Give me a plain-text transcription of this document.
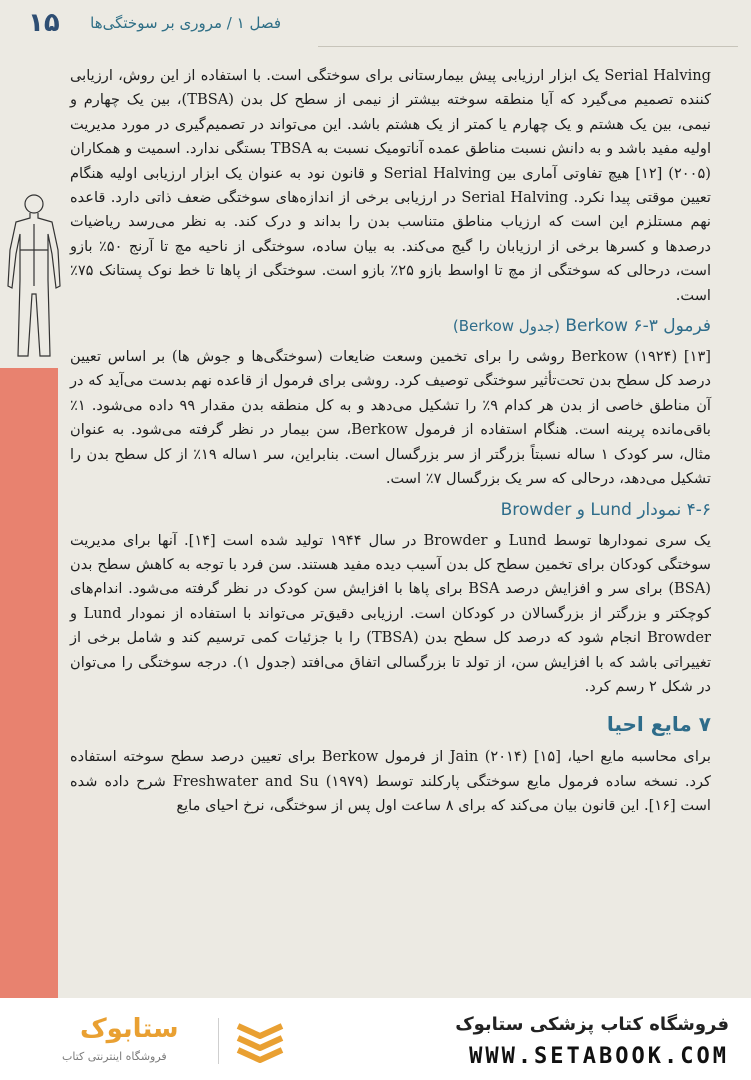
۱۵ فصل ۱ / مروری بر سوختگی‌ها

Serial Halving یک ابزار ارزیابی پیش بیمارستانی برای سوختگی است. با استفاده از این روش، ارزیابی کننده تصمیم می‌گیرد که آیا منطقه سوخته بیشتر از نیمی از سطح کل بدن (TBSA)، بین یک چهارم و نیمی، بین یک هشتم و یک چهارم یا کمتر از یک هشتم باشد. این می‌تواند در تصمیم‌گیری در مورد مدیریت اولیه مفید باشد و به دانش نسبت مناطق عمده آناتومیک نسبت به TBSA بستگی ندارد. اسمیت و همکاران (۲۰۰۵) [۱۲] هیچ تفاوتی آماری بین Serial Halving و قانون نود به عنوان یک ابزار ارزیابی اولیه هنگام تعیین موقتی پیدا نکرد. Serial Halving در ارزیابی برخی از اندازه‌های سوختگی ضعف ذاتی دارد. قاعده نهم مستلزم این است که ارزیاب مناطق متناسب بدن را بداند و درک کند. به نظر می‌رسد ریاضیات درصدها و کسرها برخی از ارزیابان را گیج می‌کند. به بیان ساده، سوختگی از ناحیه مچ تا آرنج ۵۰٪ بازو است، درحالی که سوختگی از مچ تا اواسط بازو ۲۵٪ بازو است. سوختگی از پاها تا خط نوک پستانک ۷۵٪ است.

فرمول ۳-۶ Berkow (جدول Berkow)

Berkow (۱۹۲۴) [۱۳] روشی را برای تخمین وسعت ضایعات (سوختگی‌ها و جوش ها) بر اساس تعیین درصد کل سطح بدن تحت‌تأثیر سوختگی توصیف کرد. روشی برای فرمول از قاعده نهم بدست می‌آید که در آن مناطق خاصی از بدن هر کدام ۹٪ را تشکیل می‌دهد و به کل منطقه بدن مقدار ۹۹ داده می‌شود. ۱٪ باقی‌مانده پرینه است. هنگام استفاده از فرمول Berkow، سن بیمار در نظر گرفته می‌شود. به عنوان مثال، سر کودک ۱ ساله نسبتاً بزرگتر از سر بزرگسال است. بنابراین، سر ۱ساله ۱۹٪ از کل سطح بدن را تشکیل می‌دهد، درحالی که سر یک بزرگسال ۷٪ است.

۴-۶ نمودار Lund و Browder

یک سری نمودارها توسط Lund و Browder در سال ۱۹۴۴ تولید شده است [۱۴]. آنها برای مدیریت سوختگی کودکان برای تخمین سطح کل بدن آسیب دیده مفید هستند. سن فرد با توجه به کاهش سطح بدن (BSA) برای سر و افزایش درصد BSA برای پاها با افزایش سن کودک در نظر گرفته می‌شود. اندام‌های کوچکتر و بزرگتر از بزرگسالان در کودکان است. ارزیابی دقیق‌تر می‌تواند با استفاده از نمودار Lund و Browder انجام شود که درصد کل سطح بدن (TBSA) را با جزئیات کمی ترسیم کند و شامل برخی از تغییراتی باشد که با افزایش سن، از تولد تا بزرگسالی اتفاق می‌افتد (جدول ۱). درجه سوختگی را می‌توان در شکل ۲ رسم کرد.

۷ مایع احیا

برای محاسبه مایع احیا، Jain (۲۰۱۴) [۱۵] از فرمول Berkow برای تعیین درصد سطح سوخته استفاده کرد. نسخه ساده فرمول مایع سوختگی پارکلند توسط Freshwater and Su (۱۹۷۹) شرح داده شده است [۱۶]. این قانون بیان می‌کند که برای ۸ ساعت اول پس از سوختگی، نرخ احیای مایع

ستابوک
فروشگاه اینترنتی کتاب
فروشگاه کتاب پزشکی ستابوک
WWW.SETABOOK.COM
